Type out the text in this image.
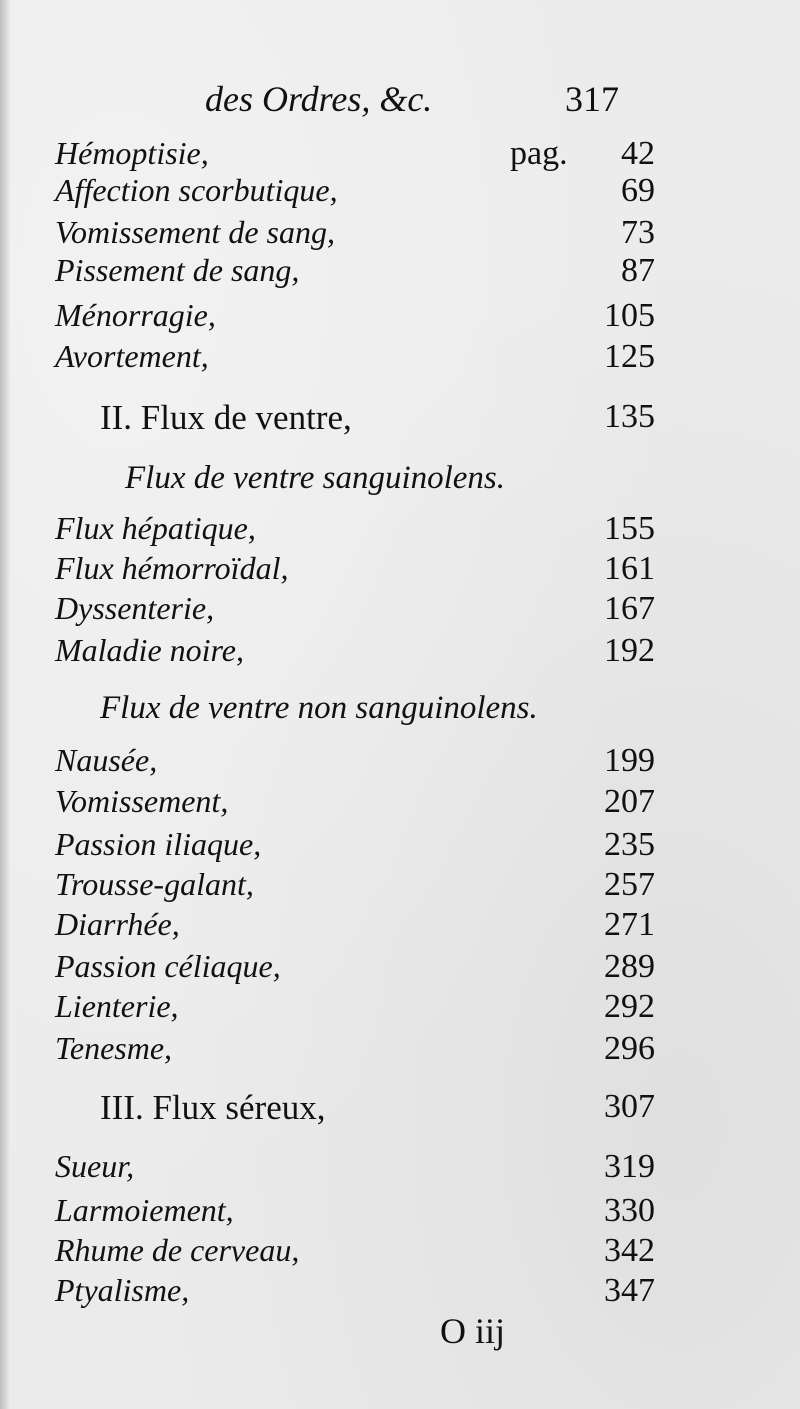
des Ordres, &c.	317
Hémoptisie,	pag. 42
Affection scorbutique,	69
Vomissement de sang,	73
Pissement de sang,	87
Ménorragie,	105
Avortement,	125
II. Flux de ventre,	135
Flux de ventre sanguinolens.
Flux hépatique,	155
Flux hémorroïdal,	161
Dyssenterie,	167
Maladie noire,	192
Flux de ventre non sanguinolens.
Nausée,	199
Vomissement,	207
Passion iliaque,	235
Trousse-galant,	257
Diarrhée,	271
Passion céliaque,	289
Lienterie,	292
Tenesme,	296
III. Flux séreux,	307
Sueur,	319
Larmoiement,	330
Rhume de cerveau,	342
Ptyalisme,	347
O iij
